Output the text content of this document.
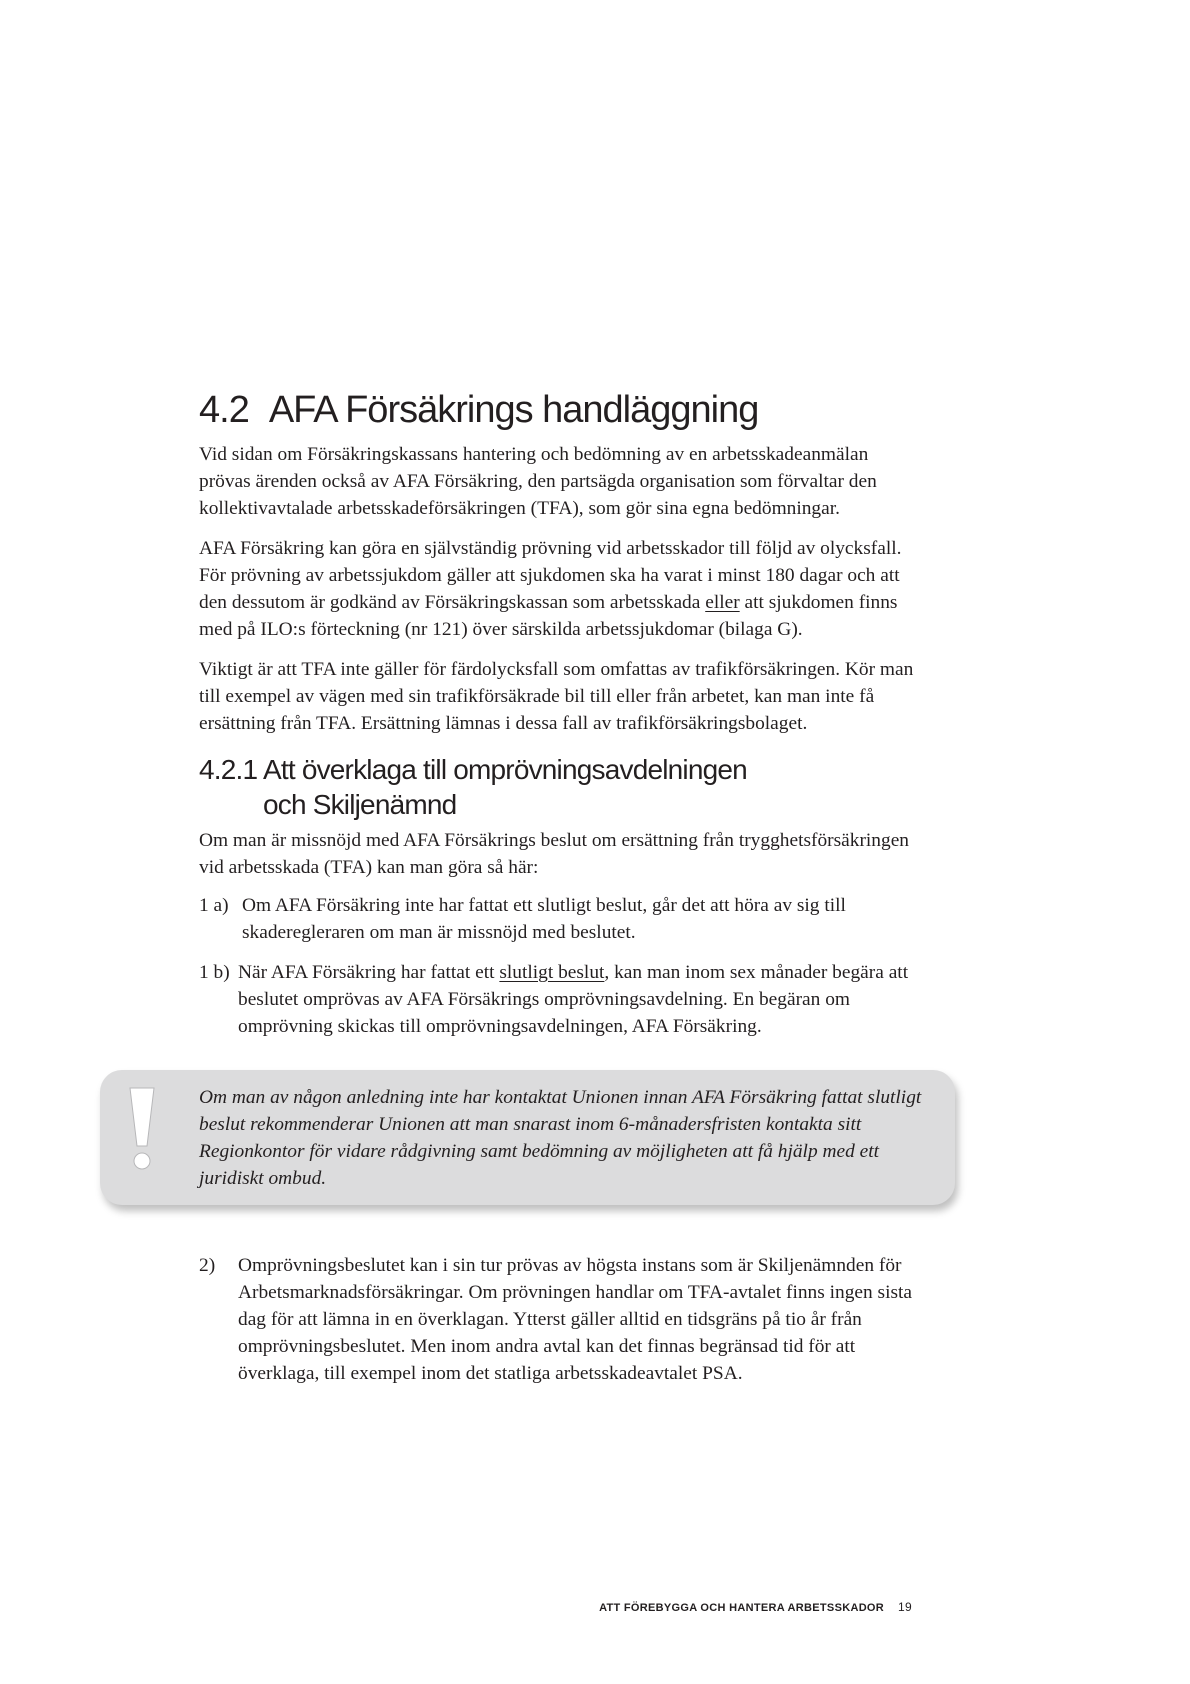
4.2 AFA Försäkrings handläggning

Vid sidan om Försäkringskassans hantering och bedömning av en arbetsskadeanmälan prövas ärenden också av AFA Försäkring, den partsägda organisation som förvaltar den kollektivavtalade arbetsskadeförsäkringen (TFA), som gör sina egna bedömningar.

AFA Försäkring kan göra en självständig prövning vid arbetsskador till följd av olycksfall. För prövning av arbetssjukdom gäller att sjukdomen ska ha varat i minst 180 dagar och att den dessutom är godkänd av Försäkringskassan som arbetsskada eller att sjukdomen finns med på ILO:s förteckning (nr 121) över särskilda arbetssjukdomar (bilaga G).

Viktigt är att TFA inte gäller för färdolycksfall som omfattas av trafikförsäkringen. Kör man till exempel av vägen med sin trafikförsäkrade bil till eller från arbetet, kan man inte få ersättning från TFA. Ersättning lämnas i dessa fall av trafikförsäkringsbolaget.

4.2.1 Att överklaga till omprövningsavdelningen
och Skiljenämnd

Om man är missnöjd med AFA Försäkrings beslut om ersättning från trygghetsförsäkringen vid arbetsskada (TFA) kan man göra så här:

1 a) Om AFA Försäkring inte har fattat ett slutligt beslut, går det att höra av sig till skaderegleraren om man är missnöjd med beslutet.
1 b) När AFA Försäkring har fattat ett slutligt beslut, kan man inom sex månader begära att beslutet omprövas av AFA Försäkrings omprövningsavdelning. En begäran om omprövning skickas till omprövningsavdelningen, AFA Försäkring.

Om man av någon anledning inte har kontaktat Unionen innan AFA Försäkring fattat slutligt beslut rekommenderar Unionen att man snarast inom 6-månadersfristen kontakta sitt Regionkontor för vidare rådgivning samt bedömning av möjligheten att få hjälp med ett juridiskt ombud.

2)	Omprövningsbeslutet kan i sin tur prövas av högsta instans som är Skiljenämnden för Arbetsmarknadsförsäkringar. Om prövningen handlar om TFA-avtalet finns ingen sista dag för att lämna in en överklagan. Ytterst gäller alltid en tidsgräns på tio år från omprövningsbeslutet. Men inom andra avtal kan det finnas begränsad tid för att överklaga, till exempel inom det statliga arbetsskadeavtalet PSA.
ATT FÖREBYGGA OCH HANTERA ARBETSSKADOR 19
